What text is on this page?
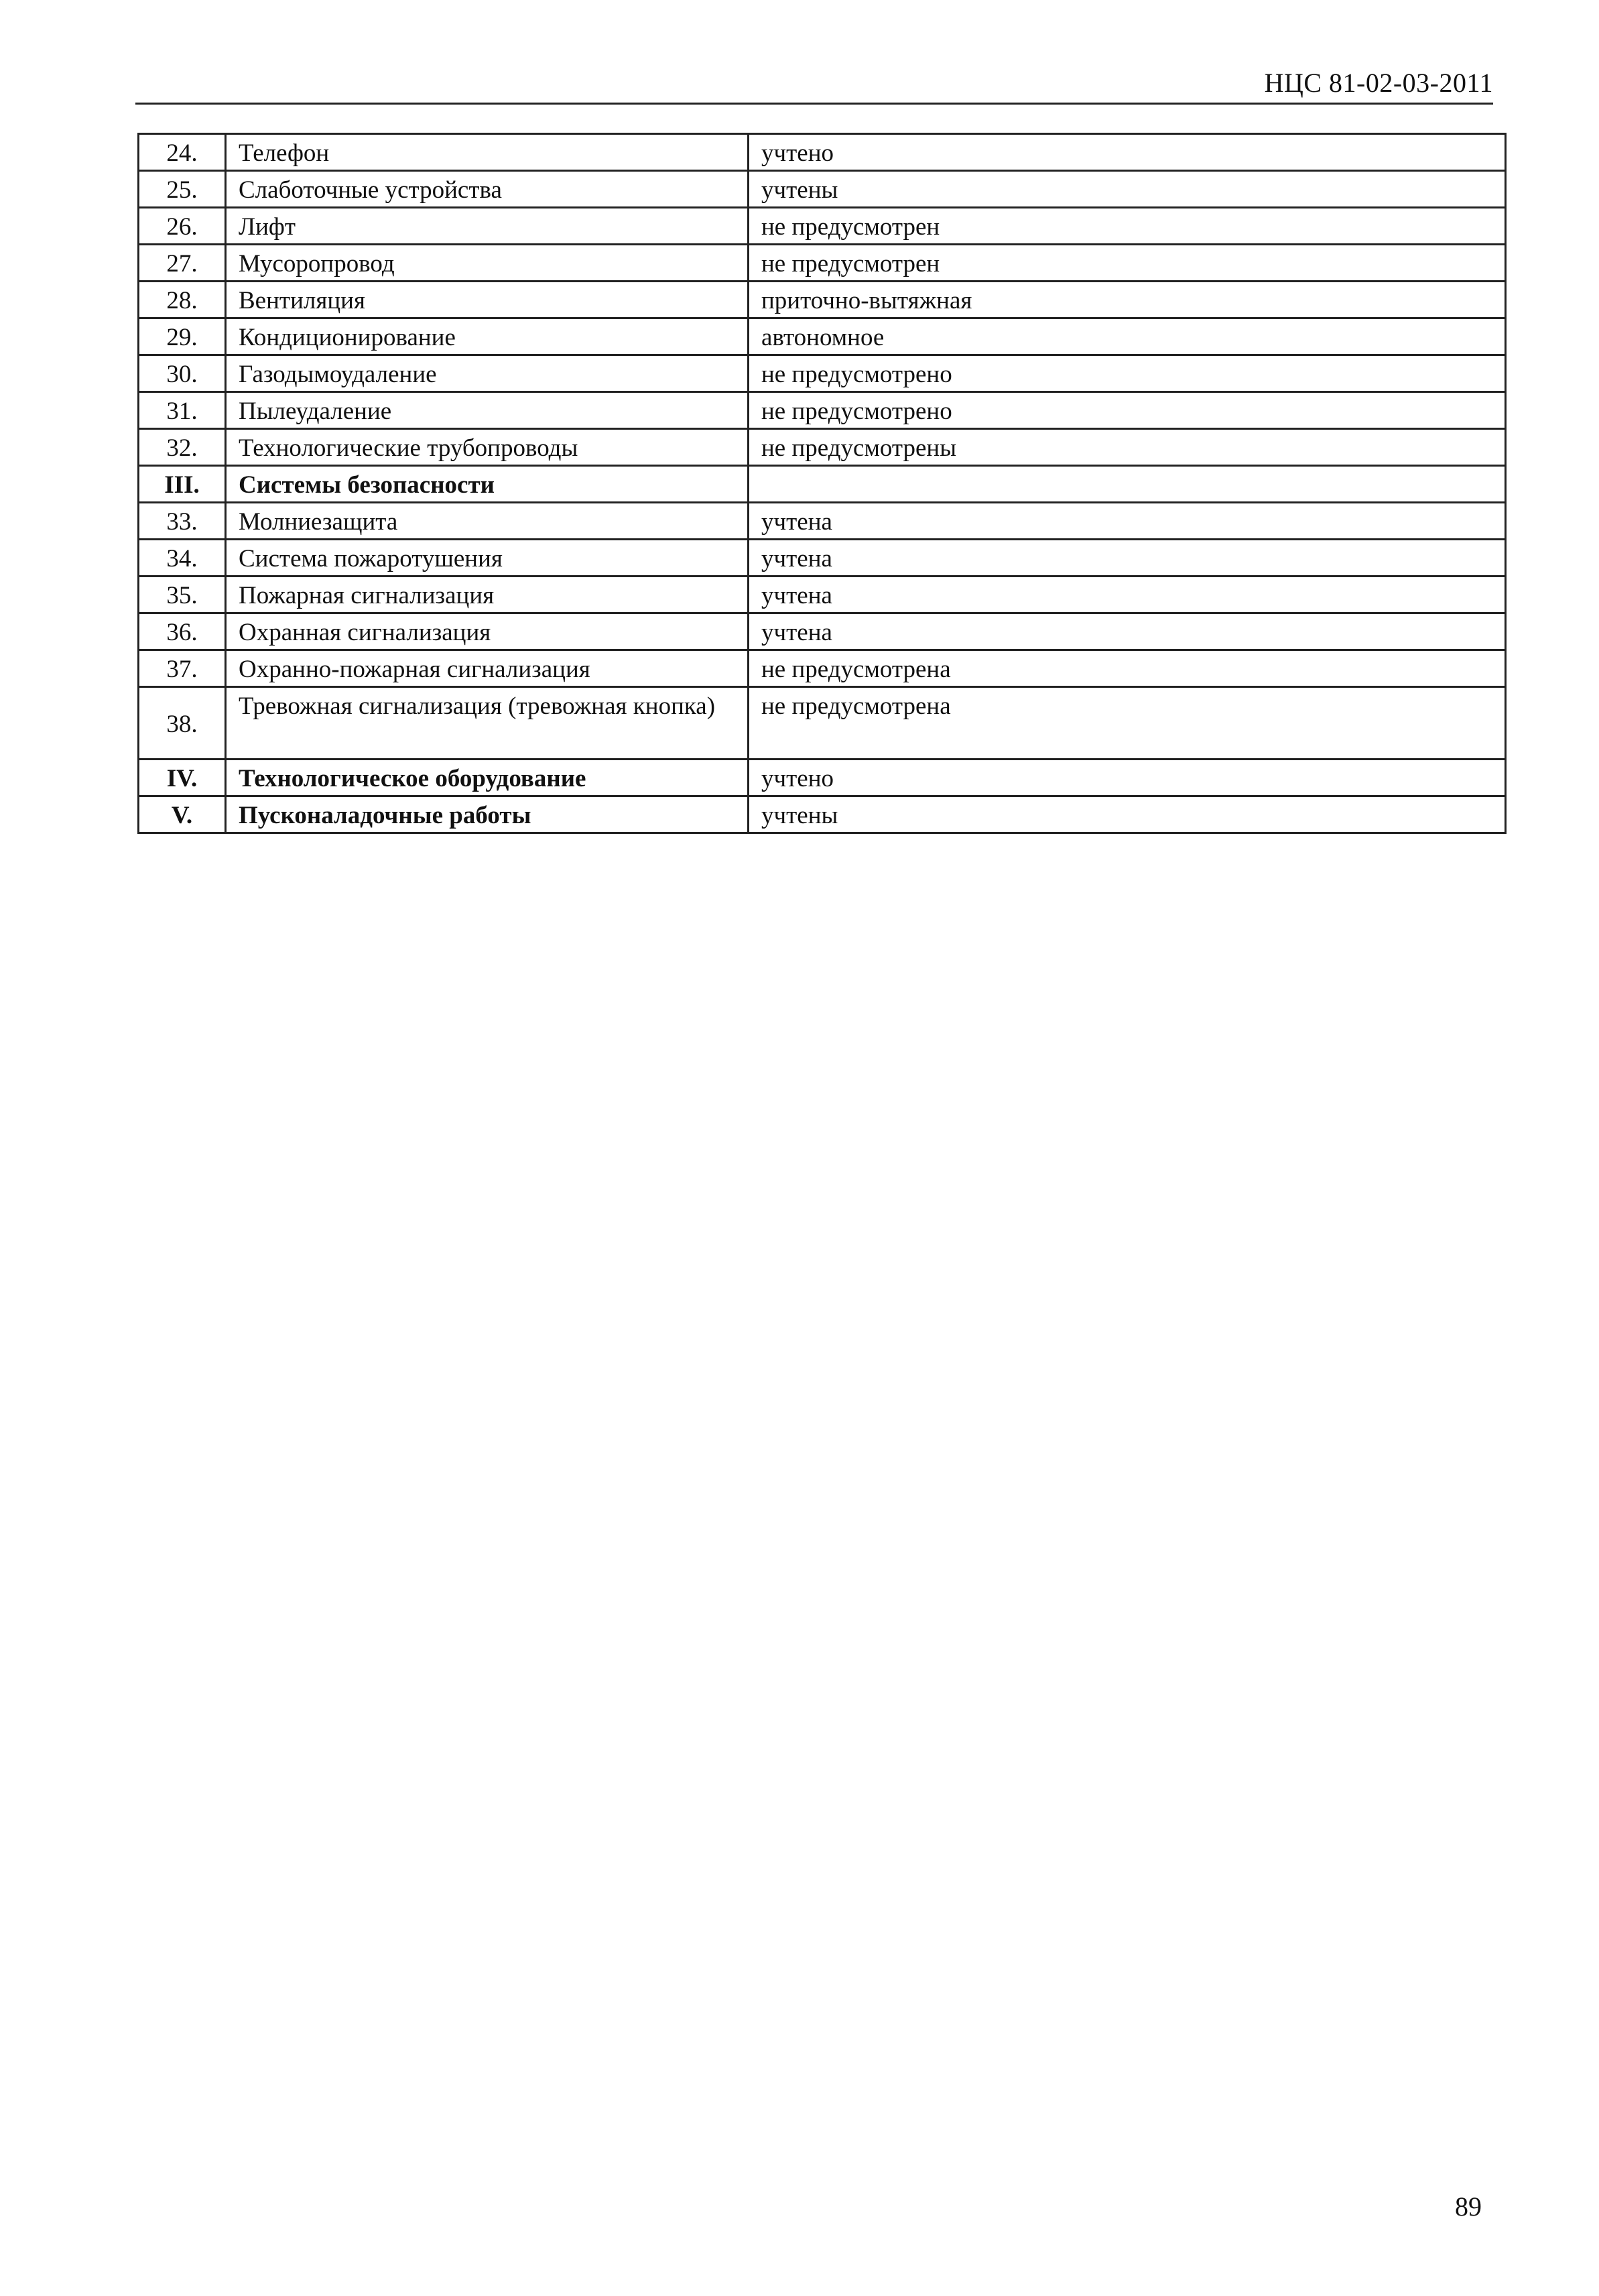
НЦС 81-02-03-2011
24.	Телефон	учтено
25.	Слаботочные устройства	учтены
26.	Лифт	не предусмотрен
27.	Мусоропровод	не предусмотрен
28.	Вентиляция	приточно-вытяжная
29.	Кондиционирование	автономное
30.	Газодымоудаление	не предусмотрено
31.	Пылеудаление	не предусмотрено
32.	Технологические трубопроводы	не предусмотрены
III.	Системы безопасности	
33.	Молниезащита	учтена
34.	Система пожаротушения	учтена
35.	Пожарная сигнализация	учтена
36.	Охранная сигнализация	учтена
37.	Охранно-пожарная сигнализация	не предусмотрена
38.	Тревожная сигнализация (тревожная кнопка)	не предусмотрена
IV.	Технологическое оборудование	учтено
V.	Пусконаладочные работы	учтены
89
